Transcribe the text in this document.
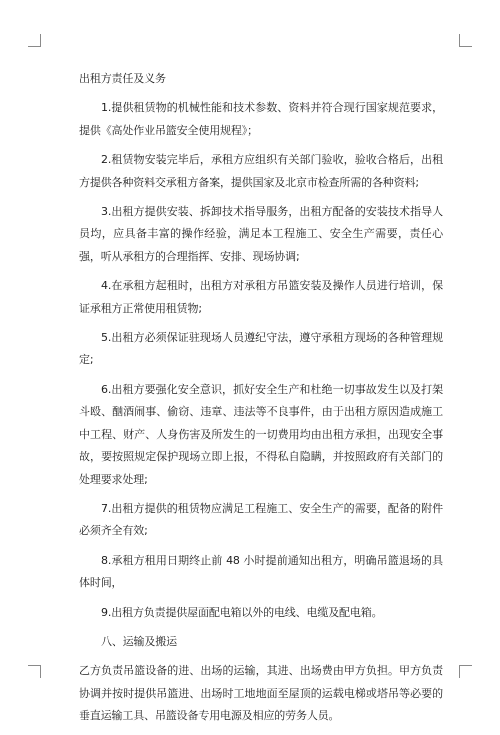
出租方责任及义务
1.提供租赁物的机械性能和技术参数、资料并符合现行国家规范要求，提供《高处作业吊篮安全使用规程》；
2.租赁物安装完毕后，承租方应组织有关部门验收，验收合格后，出租方提供各种资料交承租方备案，提供国家及北京市检查所需的各种资料;
3.出租方提供安装、拆卸技术指导服务，出租方配备的安装技术指导人员均，应具备丰富的操作经验，满足本工程施工、安全生产需要，责任心强，听从承租方的合理指挥、安排、现场协调;
4.在承租方起租时，出租方对承租方吊篮安装及操作人员进行培训，保证承租方正常使用租赁物;
5.出租方必须保证驻现场人员遵纪守法，遵守承租方现场的各种管理规定;
6.出租方要强化安全意识，抓好安全生产和杜绝一切事故发生以及打架斗殴、酗酒闹事、偷窃、违章、违法等不良事件，由于出租方原因造成施工中工程、财产、人身伤害及所发生的一切费用均由出租方承担，出现安全事故，要按照规定保护现场立即上报，不得私自隐瞒，并按照政府有关部门的处理要求处理;
7.出租方提供的租赁物应满足工程施工、安全生产的需要，配备的附件必须齐全有效;
8.承租方租用日期终止前 48 小时提前通知出租方，明确吊篮退场的具体时间，
9.出租方负责提供屋面配电箱以外的电线、电缆及配电箱。
八、运输及搬运
乙方负责吊篮设备的进、出场的运输，其进、出场费由甲方负担。甲方负责协调并按时提供吊篮进、出场时工地地面至屋顶的运载电梯或塔吊等必要的垂直运输工具、吊篮设备专用电源及相应的劳务人员。
